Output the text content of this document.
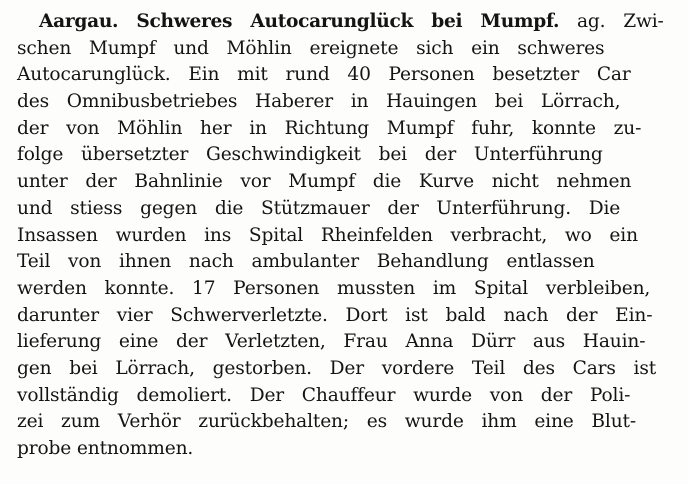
Aargau. Schweres Autocarunglück bei Mumpf. ag. Zwi-
schen Mumpf und Möhlin ereignete sich ein schweres
Autocarunglück. Ein mit rund 40 Personen besetzter Car
des Omnibusbetriebes Haberer in Hauingen bei Lörrach,
der von Möhlin her in Richtung Mumpf fuhr, konnte zu-
folge übersetzter Geschwindigkeit bei der Unterführung
unter der Bahnlinie vor Mumpf die Kurve nicht nehmen
und stiess gegen die Stützmauer der Unterführung. Die
Insassen wurden ins Spital Rheinfelden verbracht, wo ein
Teil von ihnen nach ambulanter Behandlung entlassen
werden konnte. 17 Personen mussten im Spital verbleiben,
darunter vier Schwerverletzte. Dort ist bald nach der Ein-
lieferung eine der Verletzten, Frau Anna Dürr aus Hauin-
gen bei Lörrach, gestorben. Der vordere Teil des Cars ist
vollständig demoliert. Der Chauffeur wurde von der Poli-
zei zum Verhör zurückbehalten; es wurde ihm eine Blut-
probe entnommen.
